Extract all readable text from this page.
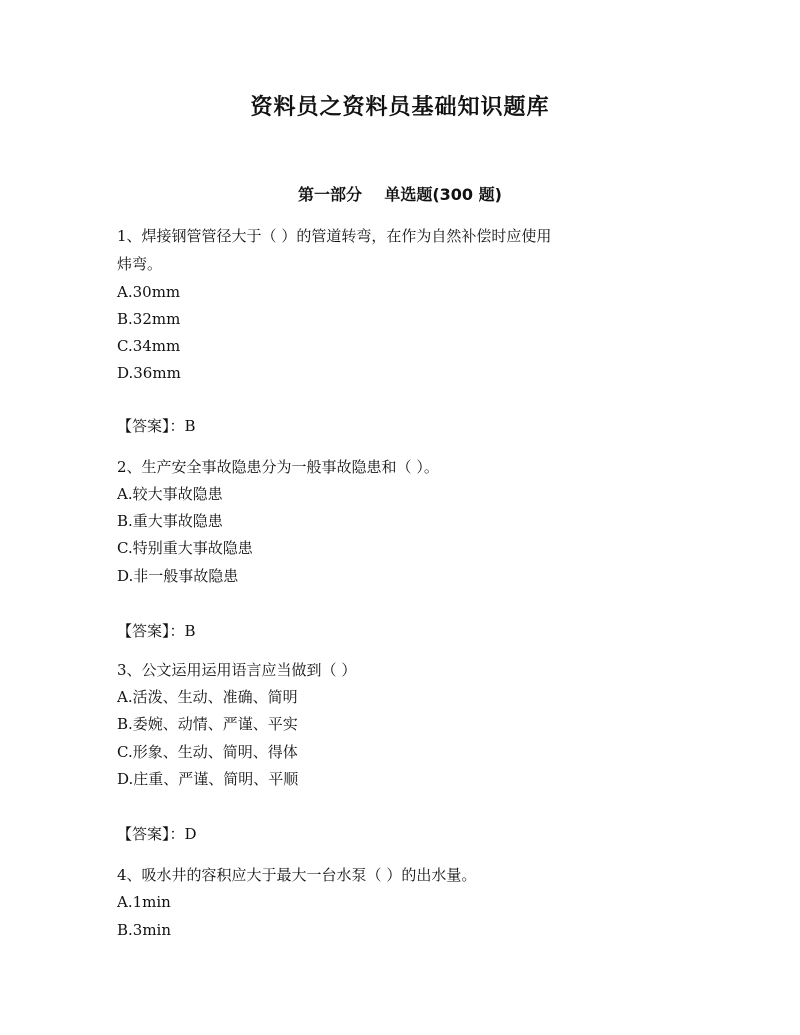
资料员之资料员基础知识题库
第一部分    单选题(300 题)
1、焊接钢管管径大于（ ）的管道转弯，在作为自然补偿时应使用
炜弯。
A.30mm
B.32mm
C.34mm
D.36mm
【答案】：B
2、生产安全事故隐患分为一般事故隐患和（ ）。
A.较大事故隐患
B.重大事故隐患
C.特别重大事故隐患
D.非一般事故隐患
【答案】：B
3、公文运用运用语言应当做到（ ）
A.活泼、生动、准确、简明
B.委婉、动情、严谨、平实
C.形象、生动、简明、得体
D.庄重、严谨、简明、平顺
【答案】：D
4、吸水井的容积应大于最大一台水泵（ ）的出水量。
A.1min
B.3min
